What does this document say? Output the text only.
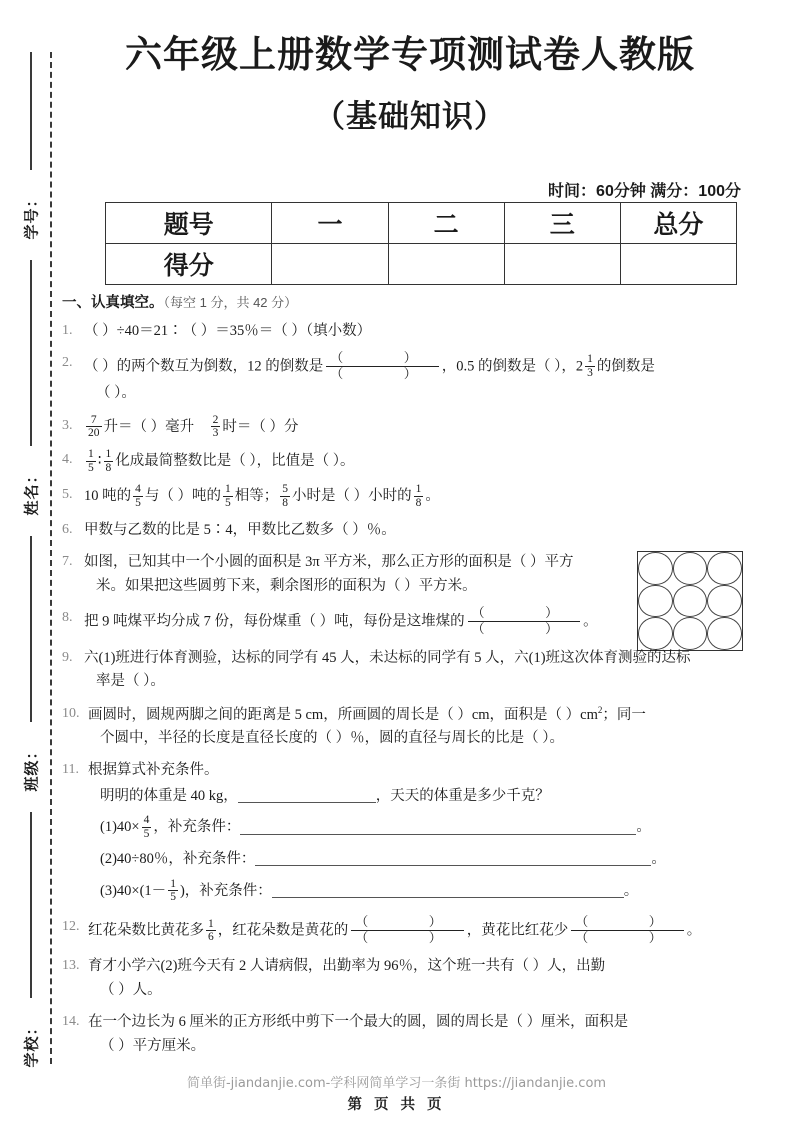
学号：
姓名：
班级：
学校：
六年级上册数学专项测试卷人教版
（基础知识）
时间：60分钟 满分：100分
题号	一	二	三	总分
得分				
一、认真填空。（每空 1 分，共 42 分）
1. （ ）÷40＝21∶（ ）＝35％＝（ ）（填小数）
2. （ ）的两个数互为倒数，12 的倒数是
（  ）
（  ） ，0.5 的倒数是（ ），$2 \frac{1}{3}$ 的倒数是
（ ）。
3. $\frac{7}{20}$ 升＝（ ）毫升 $\frac{2}{3}$ 时＝（ ）分
4. $\frac{1}{5}$ ∶ $\frac{1}{8}$ 化成最简整数比是（ ），比值是（ ）。
5. 10 吨的 $\frac{4}{5}$ 与（ ）吨的 $\frac{1}{5}$ 相等； $\frac{5}{8}$ 小时是（ ）小时的 $\frac{1}{8}$ 。
6. 甲数与乙数的比是 5∶4，甲数比乙数多（ ）％。
7. 如图，已知其中一个小圆的面积是 3π 平方米，那么正方形的面积是（ ）平方
米。如果把这些圆剪下来，剩余图形的面积为（ ）平方米。
8. 把 9 吨煤平均分成 7 份，每份煤重（ ）吨，每份是这堆煤的
（  ）
（  ） 。
9. 六(1)班进行体育测验，达标的同学有 45 人，未达标的同学有 5 人，六(1)班这次体育测验的达标
率是（ ）。
10. 画圆时，圆规两脚之间的距离是 5 cm，所画圆的周长是（ ）cm，面积是（ ）$cm^2$；同一
个圆中，半径的长度是直径长度的（ ）％，圆的直径与周长的比是（ ）。
11. 根据算式补充条件。
明明的体重是 40 kg，	，天天的体重是多少千克？
$(1)40\times \frac{4}{5}$ ，补充条件：	。
(2)40÷80％，补充条件：	。
$(3)40\times(1- \frac{1}{5}$ )，补充条件：	。
12. 红花朵数比黄花多 $\frac{1}{6}$ ，红花朵数是黄花的
（  ）
（  ） ，黄花比红花少
（  ）
（  ） 。
13. 育才小学六(2)班今天有 2 人请病假，出勤率为 96％，这个班一共有（ ）人，出勤
（ ）人。
14. 在一个边长为 6 厘米的正方形纸中剪下一个最大的圆，圆的周长是（ ）厘米，面积是
（ ）平方厘米。
简单街-jiandanjie.com-学科网简单学习一条街 https://jiandanjie.com
第 页 共 页
